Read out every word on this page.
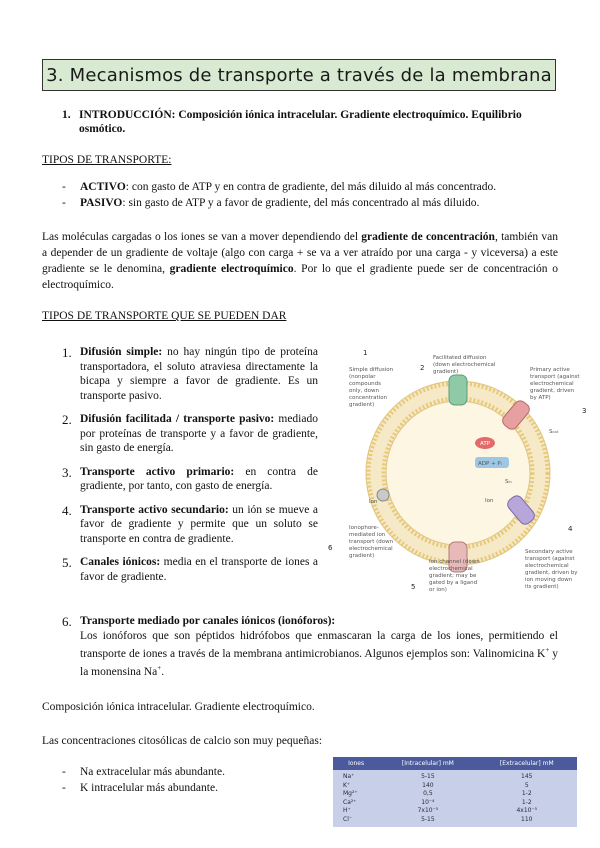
3. Mecanismos de transporte a través de la membrana
1. INTRODUCCIÓN: Composición iónica intracelular. Gradiente electroquímico. Equilibrio osmótico.
TIPOS DE TRANSPORTE:
-	ACTIVO: con gasto de ATP y en contra de gradiente, del más diluido al más concentrado.
-	PASIVO: sin gasto de ATP y a favor de gradiente, del más concentrado al más diluido.
Las moléculas cargadas o los iones se van a mover dependiendo del gradiente de concentración, también van a depender de un gradiente de voltaje (algo con carga + se va a ver atraído por una carga - y viceversa) a este gradiente se le denomina, gradiente electroquímico. Por lo que el gradiente puede ser de concentración o electroquímico.
TIPOS DE TRANSPORTE QUE SE PUEDEN DAR
1. Difusión simple: no hay ningún tipo de proteína transportadora, el soluto atraviesa directamente la bicapa y siempre a favor de gradiente. Es un transporte pasivo.
2. Difusión facilitada / transporte pasivo: mediado por proteínas de transporte y a favor de gradiente, sin gasto de energía.
3. Transporte activo primario: en contra de gradiente, por tanto, con gasto de energía.
4. Transporte activo secundario: un ión se mueve a favor de gradiente y permite que un soluto se transporte en contra de gradiente.
5. Canales iónicos: media en el transporte de iones a favor de gradiente.
ATP
ADP + Pᵢ
1
2
3
4
5
6
Simple diffusion
(nonpolar
compounds
only, down
concentration
gradient)
Facilitated diffusion
(down electrochemical
gradient)	Primary active
transport (against
electrochemical
gradient, driven
by ATP)
Secondary active
transport (against
electrochemical
gradient, driven by
ion moving down
its gradient)
Ion channel (down
electrochemical
gradient; may be
gated by a ligand
or ion)
Ionophore-
mediated ion
transport (down
electrochemical
gradient)
Ion	Ion
Sₒᵤₜ
Sᵢₙ
6. Transporte mediado por canales iónicos (ionóforos):
Los ionóforos que son péptidos hidrófobos que enmascaran la carga de los iones, permitiendo el transporte de iones a través de la membrana antimicrobianos. Algunos ejemplos son: Valinomicina K+ y la monensina Na+.
Composición iónica intracelular. Gradiente electroquímico.
Las concentraciones citosólicas de calcio son muy pequeñas:
-	Na extracelular más abundante.
-	K intracelular más abundante.
Iones	[Intracelular] mM	[Extracelular] mM
Na⁺	5-15	145
K⁺	140	5
Mg²⁺	0,5	1-2
Ca²⁺	10⁻⁴	1-2
H⁺	7x10⁻⁵	4x10⁻⁵
Cl⁻	5-15	110
